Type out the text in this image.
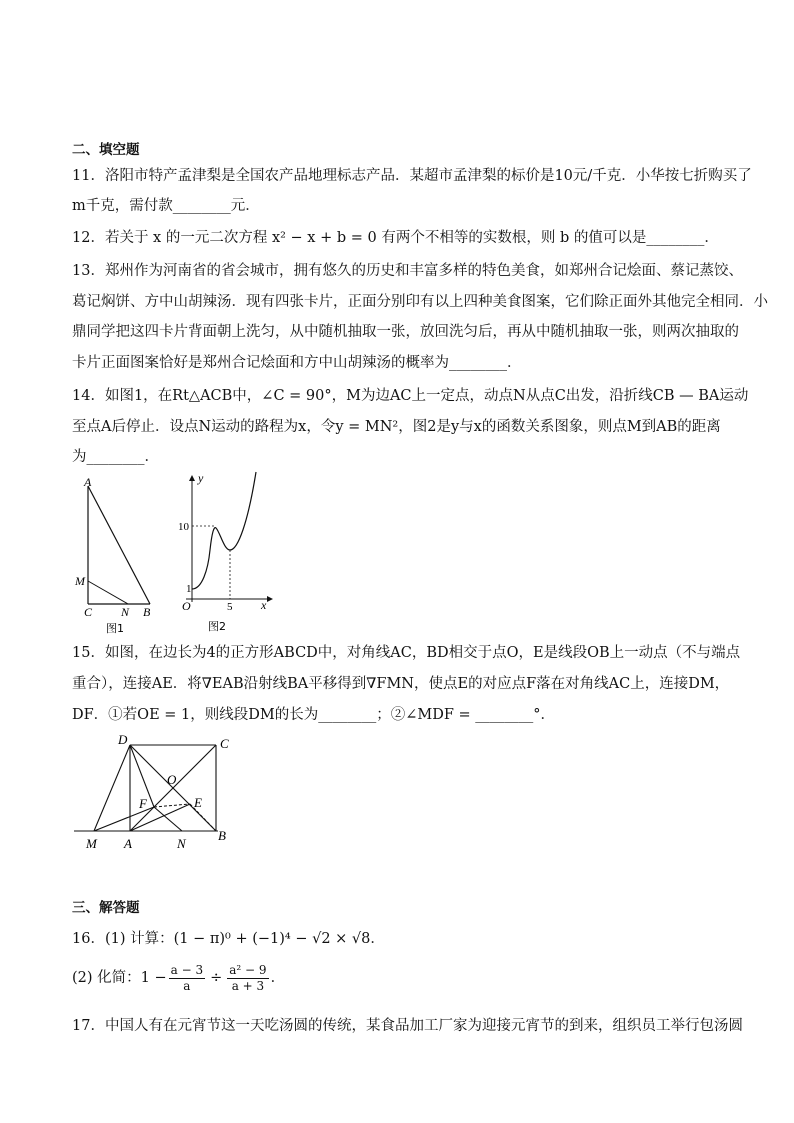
二、填空题
11．洛阳市特产孟津梨是全国农产品地理标志产品．某超市孟津梨的标价是10元/千克．小华按七折购买了
m千克，需付款________元．
12．若关于 x 的一元二次方程 x² − x + b = 0 有两个不相等的实数根，则 b 的值可以是________．
13．郑州作为河南省的省会城市，拥有悠久的历史和丰富多样的特色美食，如郑州合记烩面、蔡记蒸饺、
葛记焖饼、方中山胡辣汤．现有四张卡片，正面分别印有以上四种美食图案，它们除正面外其他完全相同．小
鼎同学把这四卡片背面朝上洗匀，从中随机抽取一张，放回洗匀后，再从中随机抽取一张，则两次抽取的
卡片正面图案恰好是郑州合记烩面和方中山胡辣汤的概率为________．
14．如图1，在Rt△ACB中，∠C = 90°，M为边AC上一定点，动点N从点C出发，沿折线CB — BA运动
至点A后停止．设点N运动的路程为x，令y = MN²，图2是y与x的函数关系图象，则点M到AB的距离
为________．
A
M
C N B
图1
y
x
O
1
10
5
图2
15．如图，在边长为4的正方形ABCD中，对角线AC，BD相交于点O，E是线段OB上一动点（不与端点
重合），连接AE．将∇EAB沿射线BA平移得到∇FMN，使点E的对应点F落在对角线AC上，连接DM，
DF．①若OE = 1，则线段DM的长为________；②∠MDF = ________°．
D	C
O
F	E
M A	N
B
三、解答题
16．(1) 计算：(1 − π)⁰ + (−1)⁴ − √2 × √8．
(2) 化简：$1 - \frac{a - 3}{a} \div \frac{\text{a² − 9}}{a + 3}$ ．
17．中国人有在元宵节这一天吃汤圆的传统，某食品加工厂家为迎接元宵节的到来，组织员工举行包汤圆
